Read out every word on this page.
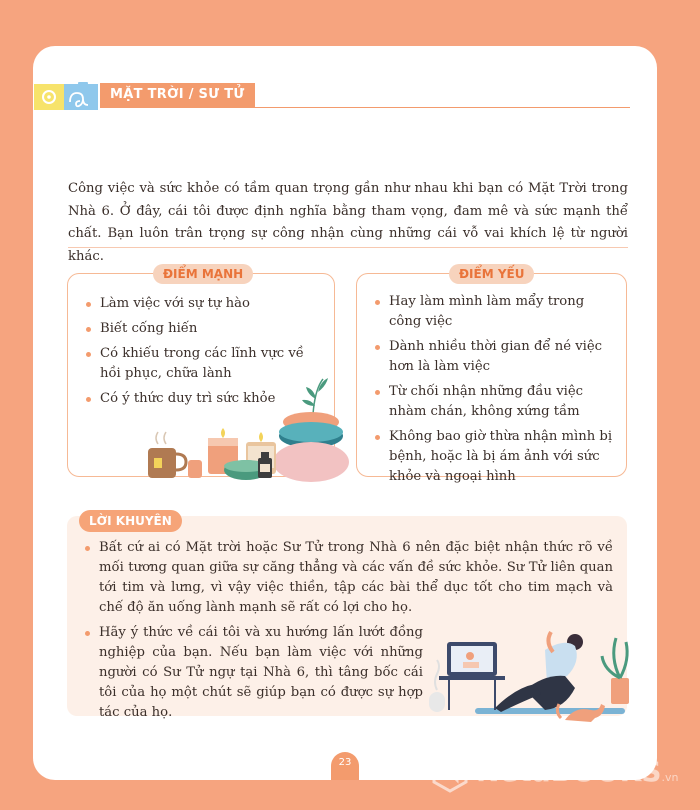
MẶT TRỜI / SƯ TỬ

Công việc và sức khỏe có tầm quan trọng gần như nhau khi bạn có Mặt Trời trong Nhà 6. Ở đây, cái tôi được định nghĩa bằng tham vọng, đam mê và sức mạnh thể chất. Bạn luôn trân trọng sự công nhận cùng những cái vỗ vai khích lệ từ người khác.

ĐIỂM MẠNH
Làm việc với sự tự hào
Biết cống hiến
Có khiếu trong các lĩnh vực về hồi phục, chữa lành
Có ý thức duy trì sức khỏe
ĐIỂM YẾU
Hay làm mình làm mẩy trong công việc
Dành nhiều thời gian để né việc hơn là làm việc
Từ chối nhận những đầu việc nhàm chán, không xứng tầm
Không bao giờ thừa nhận mình bị bệnh, hoặc là bị ám ảnh với sức khỏe và ngoại hình
LỜI KHUYÊN
Bất cứ ai có Mặt trời hoặc Sư Tử trong Nhà 6 nên đặc biệt nhận thức rõ về mối tương quan giữa sự căng thẳng và các vấn đề sức khỏe. Sư Tử liên quan tới tim và lưng, vì vậy việc thiền, tập các bài thể dục tốt cho tim mạch và chế độ ăn uống lành mạnh sẽ rất có lợi cho họ.
Hãy ý thức về cái tôi và xu hướng lấn lướt đồng nghiệp của bạn. Nếu bạn làm việc với những người có Sư Tử ngự tại Nhà 6, thì tâng bốc cái tôi của họ một chút sẽ giúp bạn có được sự hợp tác của họ.
23	NetaBOOKS.vn
